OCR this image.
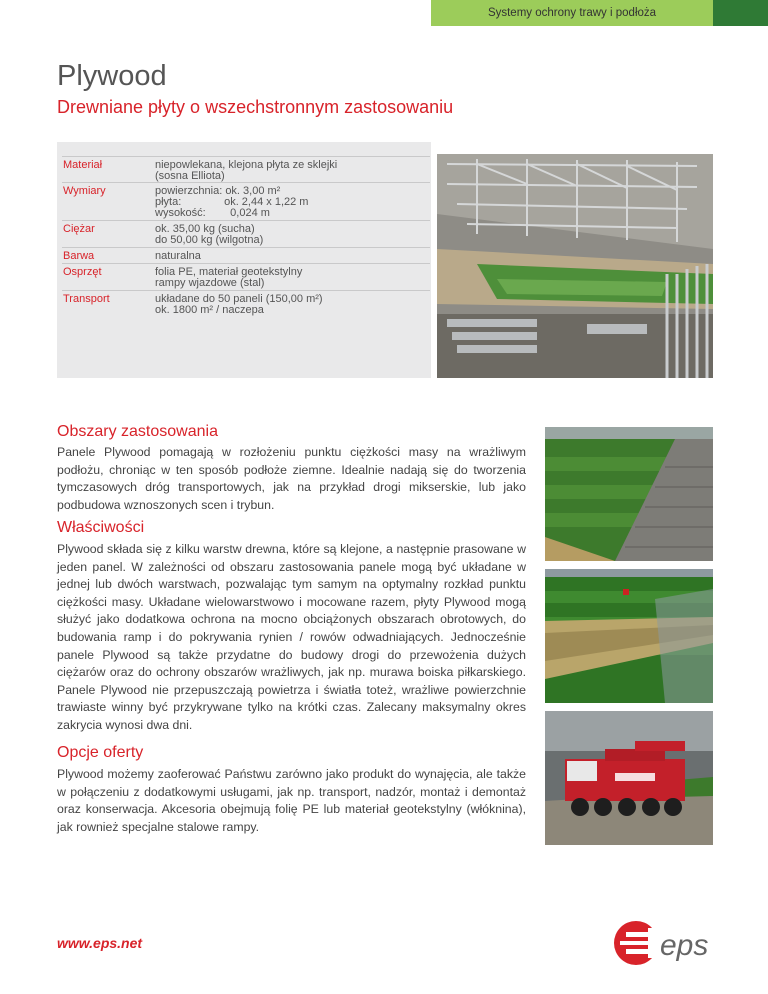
Systemy ochrony trawy i podłoża
Plywood
Drewniane płyty o wszechstronnym zastosowaniu
Materiał	niepowlekana, klejona płyta ze sklejki
(sosna Elliota)
Wymiary	powierzchnia: ok. 3,00 m²
płyta:              ok. 2,44 x 1,22 m
wysokość:        0,024 m
Ciężar	ok. 35,00 kg (sucha)
do 50,00 kg (wilgotna)
Barwa	naturalna
Osprzęt	folia PE, materiał geotekstylny
rampy wjazdowe (stal)
Transport	układane do 50 paneli (150,00 m²)
ok. 1800 m² / naczepa
Obszary zastosowania

Panele Plywood pomagają w rozłożeniu punktu ciężkości masy na wrażliwym podłożu, chroniąc w ten sposób podłoże ziemne. Idealnie nadają się do tworzenia tymczasowych dróg transportowych, jak na przykład drogi mikserskie, lub jako podbudowa wznoszonych scen i trybun.

Właściwości

Plywood składa się z kilku warstw drewna, które są klejone, a następnie prasowane w jeden panel. W zależności od obszaru zastosowania panele mogą być układane w jednej lub dwóch warstwach, pozwalając tym samym na optymalny rozkład punktu ciężkości masy. Układane wielowarstwowo i mocowane razem, płyty Plywood mogą służyć jako dodatkowa ochrona na mocno obciążonych obszarach obrotowych, do budowania ramp i do pokrywania rynien / rowów odwadniających. Jednocześnie panele Plywood są także przydatne do budowy drogi do przewożenia dużych ciężarów oraz do ochrony obszarów wrażliwych, jak np. murawa boiska piłkarskiego. Panele Plywood nie przepuszczają powietrza i światła toteż, wrażliwe powierzchnie trawiaste winny być przykrywane tylko na krótki czas. Zalecany maksymalny okres zakrycia wynosi dwa dni.

Opcje oferty

Plywood możemy zaoferować Państwu zarówno jako produkt do wynajęcia, ale także w połączeniu z dodatkowymi usługami, jak np. transport, nadzór, montaż i demontaż oraz konserwacja. Akcesoria obejmują folię PE lub materiał geotekstylny (włóknina), jak rownież specjalne stalowe rampy.

www.eps.net	eps
